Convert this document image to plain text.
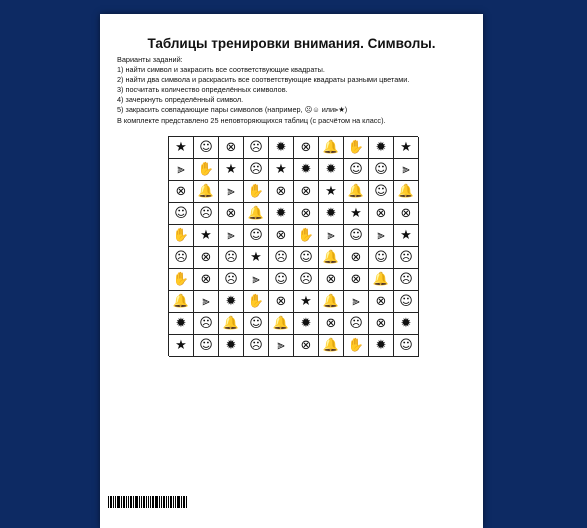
Таблицы тренировки внимания. Символы.
Варианты заданий:
1) найти символ и закрасить все соответствующие квадраты.
2) найти два символа и раскрасить все соответствующие квадраты разными цветами.
3) посчитать количество определённых символов.
4) зачеркнуть определённый символ.
5) закрасить совпадающие пары символов (например, ☹☺ или⫸★)
В комплекте представлено 25 неповторяющихся таблиц (с расчётом на класс).
★ ☺ ⊗ ☹ ✹	⊗ 🔔 ✋ ✹	★
⫸	✋ ★ ☹ ★	✹	✹ ☺ ☺	⫸
⊗ 🔔	⫸	✋ ⊗	⊗	★ 🔔 ☺ 🔔
☺ ☹ ⊗ 🔔 ✹	⊗	✹	★	⊗	⊗
✋ ★	⫸	☺ ⊗ ✋	⫸	☺	⫸	★
☹ ⊗ ☹ ★ ☹ ☺ 🔔 ⊗ ☺ ☹
✋ ⊗ ☹	⫸	☺ ☹ ⊗	⊗ 🔔 ☹
🔔	⫸	✹ ✋ ⊗	★ 🔔	⫸	⊗ ☺
✹ ☹ 🔔 ☺ 🔔 ✹	⊗ ☹ ⊗	✹
★ ☺ ✹ ☹	⫸	⊗ 🔔 ✋ ✹ ☺
